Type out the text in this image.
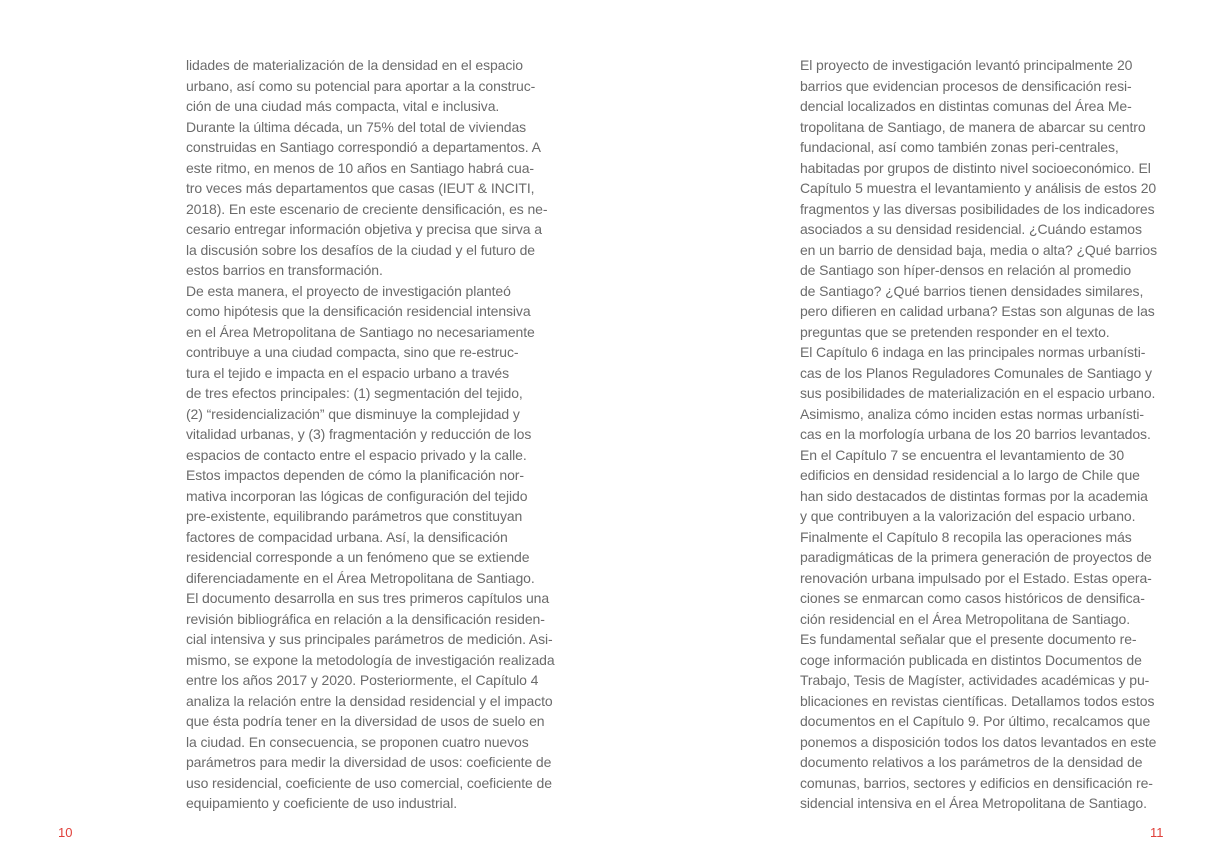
lidades de materialización de la densidad en el espacio
urbano, así como su potencial para aportar a la construc-
ción de una ciudad más compacta, vital e inclusiva.
Durante la última década, un 75% del total de viviendas
construidas en Santiago correspondió a departamentos. A
este ritmo, en menos de 10 años en Santiago habrá cua-
tro veces más departamentos que casas (IEUT & INCITI,
2018). En este escenario de creciente densificación, es ne-
cesario entregar información objetiva y precisa que sirva a
la discusión sobre los desafíos de la ciudad y el futuro de
estos barrios en transformación.
De esta manera, el proyecto de investigación planteó
como hipótesis que la densificación residencial intensiva
en el Área Metropolitana de Santiago no necesariamente
contribuye a una ciudad compacta, sino que re-estruc-
tura el tejido e impacta en el espacio urbano a través
de tres efectos principales: (1) segmentación del tejido,
(2) “residencialización” que disminuye la complejidad y
vitalidad urbanas, y (3) fragmentación y reducción de los
espacios de contacto entre el espacio privado y la calle.
Estos impactos dependen de cómo la planificación nor-
mativa incorporan las lógicas de configuración del tejido
pre-existente, equilibrando parámetros que constituyan
factores de compacidad urbana. Así, la densificación
residencial corresponde a un fenómeno que se extiende
diferenciadamente en el Área Metropolitana de Santiago.
El documento desarrolla en sus tres primeros capítulos una
revisión bibliográfica en relación a la densificación residen-
cial intensiva y sus principales parámetros de medición. Asi-
mismo, se expone la metodología de investigación realizada
entre los años 2017 y 2020. Posteriormente, el Capítulo 4
analiza la relación entre la densidad residencial y el impacto
que ésta podría tener en la diversidad de usos de suelo en
la ciudad. En consecuencia, se proponen cuatro nuevos
parámetros para medir la diversidad de usos: coeficiente de
uso residencial, coeficiente de uso comercial, coeficiente de
equipamiento y coeficiente de uso industrial.
10
El proyecto de investigación levantó principalmente 20
barrios que evidencian procesos de densificación resi-
dencial localizados en distintas comunas del Área Me-
tropolitana de Santiago, de manera de abarcar su centro
fundacional, así como también zonas peri-centrales,
habitadas por grupos de distinto nivel socioeconómico. El
Capítulo 5 muestra el levantamiento y análisis de estos 20
fragmentos y las diversas posibilidades de los indicadores
asociados a su densidad residencial. ¿Cuándo estamos
en un barrio de densidad baja, media o alta? ¿Qué barrios
de Santiago son híper-densos en relación al promedio
de Santiago? ¿Qué barrios tienen densidades similares,
pero difieren en calidad urbana? Estas son algunas de las
preguntas que se pretenden responder en el texto.
El Capítulo 6 indaga en las principales normas urbanísti-
cas de los Planos Reguladores Comunales de Santiago y
sus posibilidades de materialización en el espacio urbano.
Asimismo, analiza cómo inciden estas normas urbanísti-
cas en la morfología urbana de los 20 barrios levantados.
En el Capítulo 7 se encuentra el levantamiento de 30
edificios en densidad residencial a lo largo de Chile que
han sido destacados de distintas formas por la academia
y que contribuyen a la valorización del espacio urbano.
Finalmente el Capítulo 8 recopila las operaciones más
paradigmáticas de la primera generación de proyectos de
renovación urbana impulsado por el Estado. Estas opera-
ciones se enmarcan como casos históricos de densifica-
ción residencial en el Área Metropolitana de Santiago.
Es fundamental señalar que el presente documento re-
coge información publicada en distintos Documentos de
Trabajo, Tesis de Magíster, actividades académicas y pu-
blicaciones en revistas científicas. Detallamos todos estos
documentos en el Capítulo 9. Por último, recalcamos que
ponemos a disposición todos los datos levantados en este
documento relativos a los parámetros de la densidad de
comunas, barrios, sectores y edificios en densificación re-
sidencial intensiva en el Área Metropolitana de Santiago.
11
